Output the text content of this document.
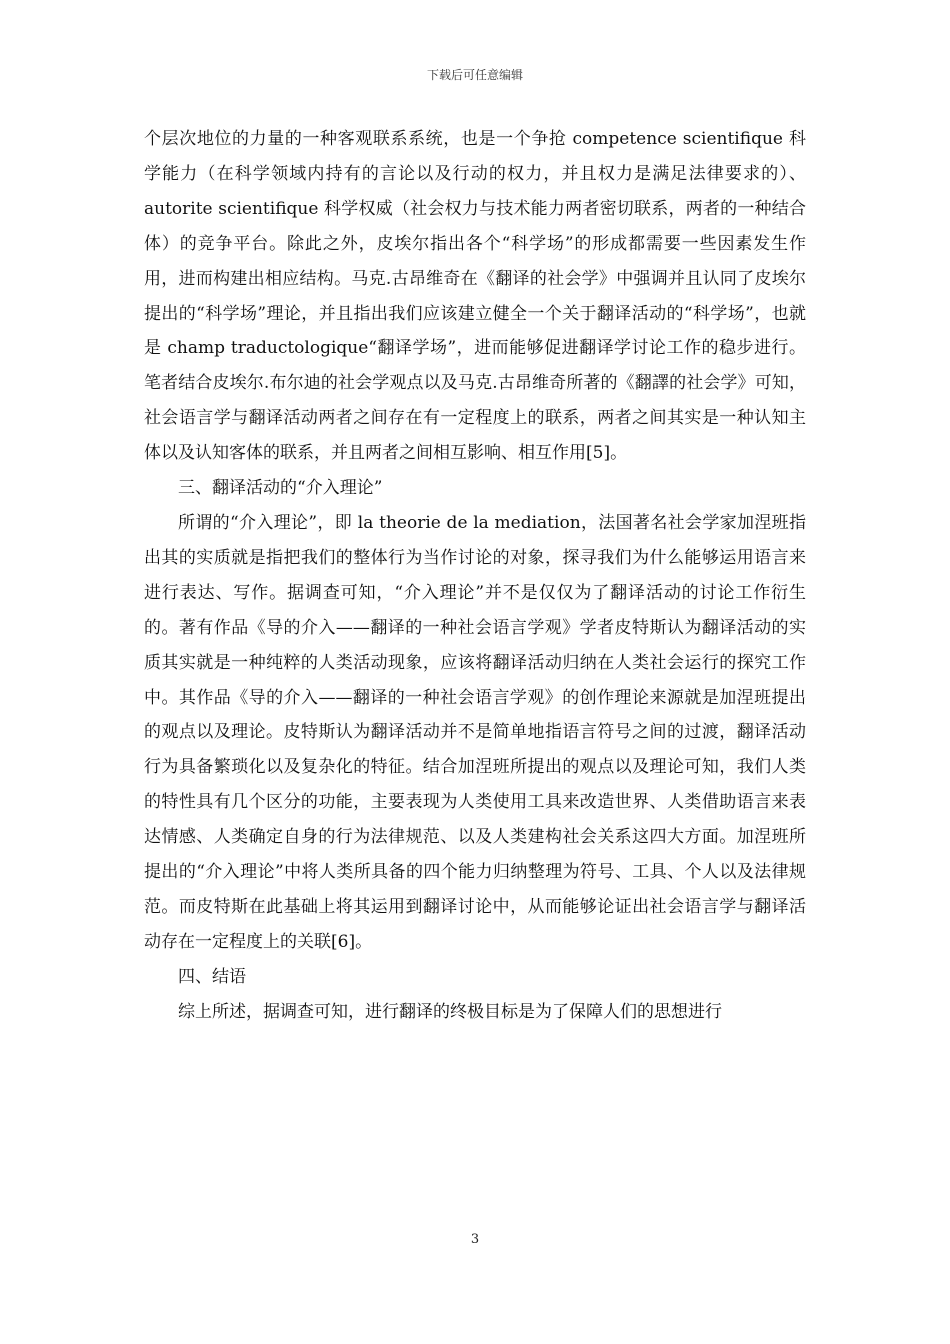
下载后可任意编辑

个层次地位的力量的一种客观联系系统，也是一个争抢 competence scientifique 科学能力（在科学领域内持有的言论以及行动的权力，并且权力是满足法律要求的）、autorite scientifique 科学权威（社会权力与技术能力两者密切联系，两者的一种结合体）的竞争平台。除此之外，皮埃尔指出各个“科学场”的形成都需要一些因素发生作用，进而构建出相应结构。马克.古昂维奇在《翻译的社会学》中强调并且认同了皮埃尔提出的“科学场”理论，并且指出我们应该建立健全一个关于翻译活动的“科学场”，也就是 champ traductologique“翻译学场”，进而能够促进翻译学讨论工作的稳步进行。笔者结合皮埃尔.布尔迪的社会学观点以及马克.古昂维奇所著的《翻譯的社会学》可知，社会语言学与翻译活动两者之间存在有一定程度上的联系，两者之间其实是一种认知主体以及认知客体的联系，并且两者之间相互影响、相互作用[5]。

三、翻译活动的“介入理论”

所谓的“介入理论”，即 la theorie de la mediation，法国著名社会学家加涅班指出其的实质就是指把我们的整体行为当作讨论的对象，探寻我们为什么能够运用语言来进行表达、写作。据调查可知，“介入理论”并不是仅仅为了翻译活动的讨论工作衍生的。著有作品《导的介入——翻译的一种社会语言学观》学者皮特斯认为翻译活动的实质其实就是一种纯粹的人类活动现象，应该将翻译活动归纳在人类社会运行的探究工作中。其作品《导的介入——翻译的一种社会语言学观》的创作理论来源就是加涅班提出的观点以及理论。皮特斯认为翻译活动并不是简单地指语言符号之间的过渡，翻译活动行为具备繁琐化以及复杂化的特征。结合加涅班所提出的观点以及理论可知，我们人类的特性具有几个区分的功能，主要表现为人类使用工具来改造世界、人类借助语言来表达情感、人类确定自身的行为法律规范、以及人类建构社会关系这四大方面。加涅班所提出的“介入理论”中将人类所具备的四个能力归纳整理为符号、工具、个人以及法律规范。而皮特斯在此基础上将其运用到翻译讨论中，从而能够论证出社会语言学与翻译活动存在一定程度上的关联[6]。

四、结语

综上所述，据调查可知，进行翻译的终极目标是为了保障人们的思想进行

3
